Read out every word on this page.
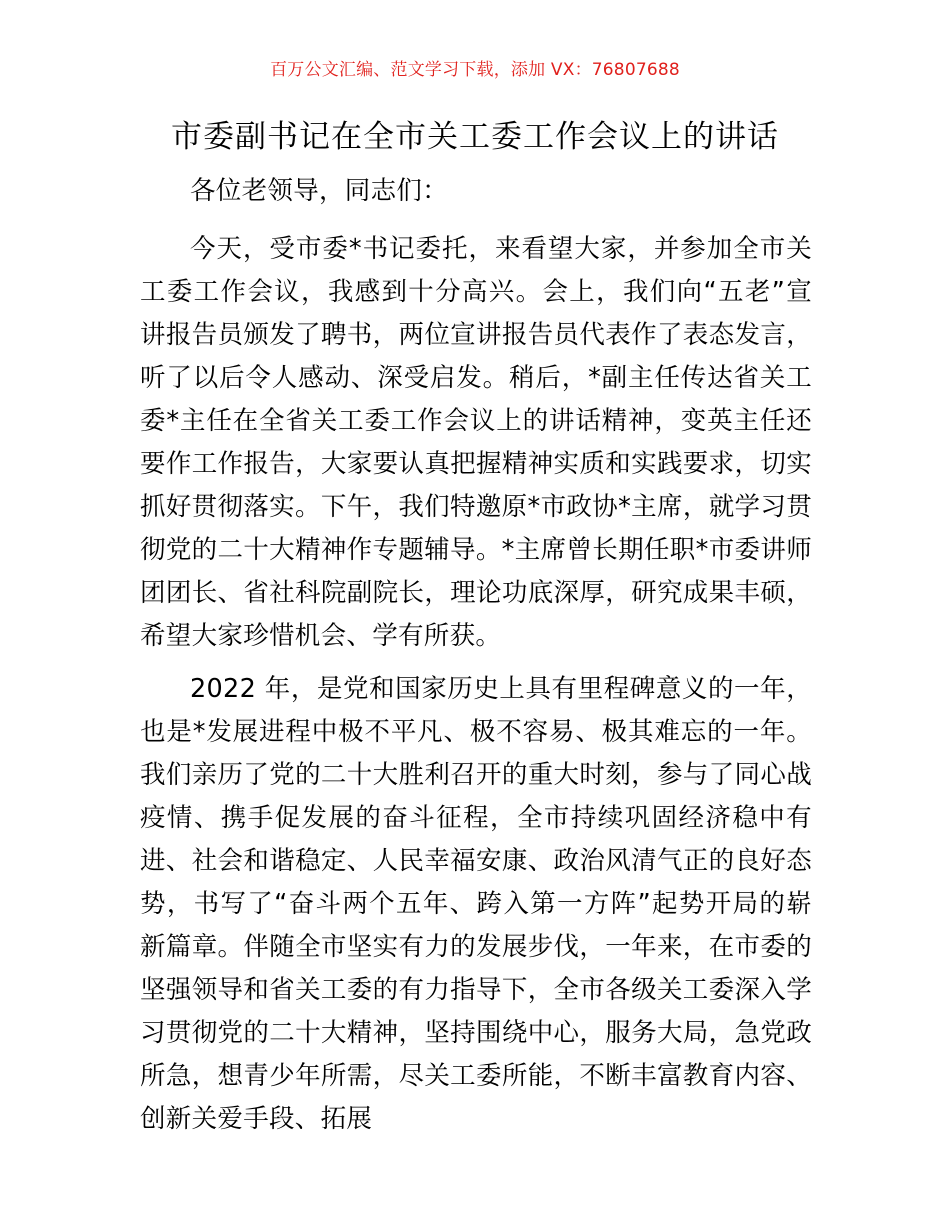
百万公文汇编、范文学习下载，添加 VX：76807688
市委副书记在全市关工委工作会议上的讲话

各位老领导，同志们：

今天，受市委*书记委托，来看望大家，并参加全市关工委工作会议，我感到十分高兴。会上，我们向“五老”宣讲报告员颁发了聘书，两位宣讲报告员代表作了表态发言，听了以后令人感动、深受启发。稍后，*副主任传达省关工委*主任在全省关工委工作会议上的讲话精神，变英主任还要作工作报告，大家要认真把握精神实质和实践要求，切实抓好贯彻落实。下午，我们特邀原*市政协*主席，就学习贯彻党的二十大精神作专题辅导。*主席曾长期任职*市委讲师团团长、省社科院副院长，理论功底深厚，研究成果丰硕，希望大家珍惜机会、学有所获。

2022 年，是党和国家历史上具有里程碑意义的一年，也是*发展进程中极不平凡、极不容易、极其难忘的一年。我们亲历了党的二十大胜利召开的重大时刻，参与了同心战疫情、携手促发展的奋斗征程，全市持续巩固经济稳中有进、社会和谐稳定、人民幸福安康、政治风清气正的良好态势，书写了“奋斗两个五年、跨入第一方阵”起势开局的崭新篇章。伴随全市坚实有力的发展步伐，一年来，在市委的坚强领导和省关工委的有力指导下，全市各级关工委深入学习贯彻党的二十大精神，坚持围绕中心，服务大局，急党政所急，想青少年所需，尽关工委所能，不断丰富教育内容、创新关爱手段、拓展
